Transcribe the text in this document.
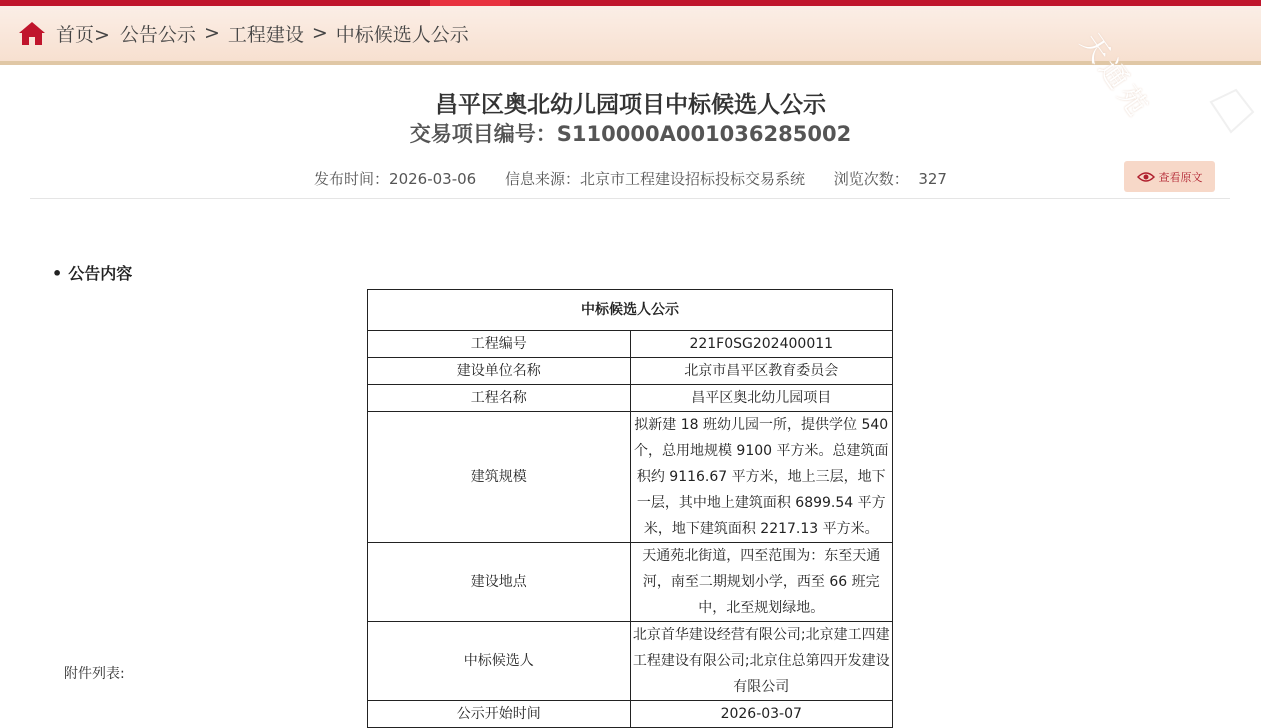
首页> 公告公示 > 工程建设 > 中标候选人公示	天通苑
昌平区奥北幼儿园项目中标候选人公示
交易项目编号：S110000A001036285002
发布时间：2026-03-06 信息来源：北京市工程建设招标投标交易系统 浏览次数：  327	查看原文
• 公告内容
中标候选人公示	
工程编号	221F0SG202400011
建设单位名称	北京市昌平区教育委员会
工程名称	昌平区奥北幼儿园项目
建筑规模	拟新建 18 班幼儿园一所，提供学位 540个，总用地规模 9100 平方米。总建筑面积约 9116.67 平方米，地上三层，地下一层，其中地上建筑面积 6899.54 平方米，地下建筑面积 2217.13 平方米。
建设地点	天通苑北街道，四至范围为：东至天通河，南至二期规划小学，西至 66 班完中，北至规划绿地。
中标候选人	北京首华建设经营有限公司;北京建工四建工程建设有限公司;北京住总第四开发建设有限公司
公示开始时间	2026-03-07
附件列表:
